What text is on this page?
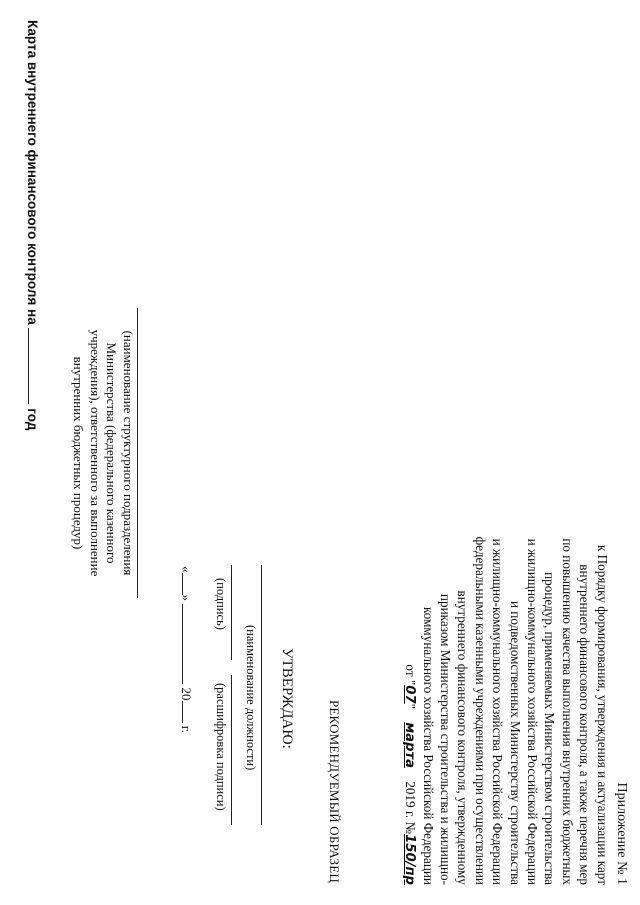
Приложение № 1
к Порядку формирования, утверждения и актуализации карт
внутреннего финансового контроля, а также перечня мер
по повышению качества выполнения внутренних бюджетных
процедур, применяемых Министерством строительства
и жилищно-коммунального хозяйства Российской Федерации
и подведомственных Министерству строительства
и жилищно-коммунального хозяйства Российской Федерации
федеральными казенными учреждениями при осуществлении
внутреннего финансового контроля, утвержденному
приказом Министерства строительства и жилищно-
коммунального хозяйства Российской Федерации
от "07" марта 2019 г. №150/пр
РЕКОМЕНДУЕМЫЙ ОБРАЗЕЦ
УТВЕРЖДАЮ:
(наименование должности)
(подпись)
(расшифровка подписи)
«»  20 г.
Карта внутреннего финансового контроля на  год	(наименование структурного подразделения
Министерства (федерального казенного
учреждения), ответственного за выполнение
внутренних бюджетных процедур)
